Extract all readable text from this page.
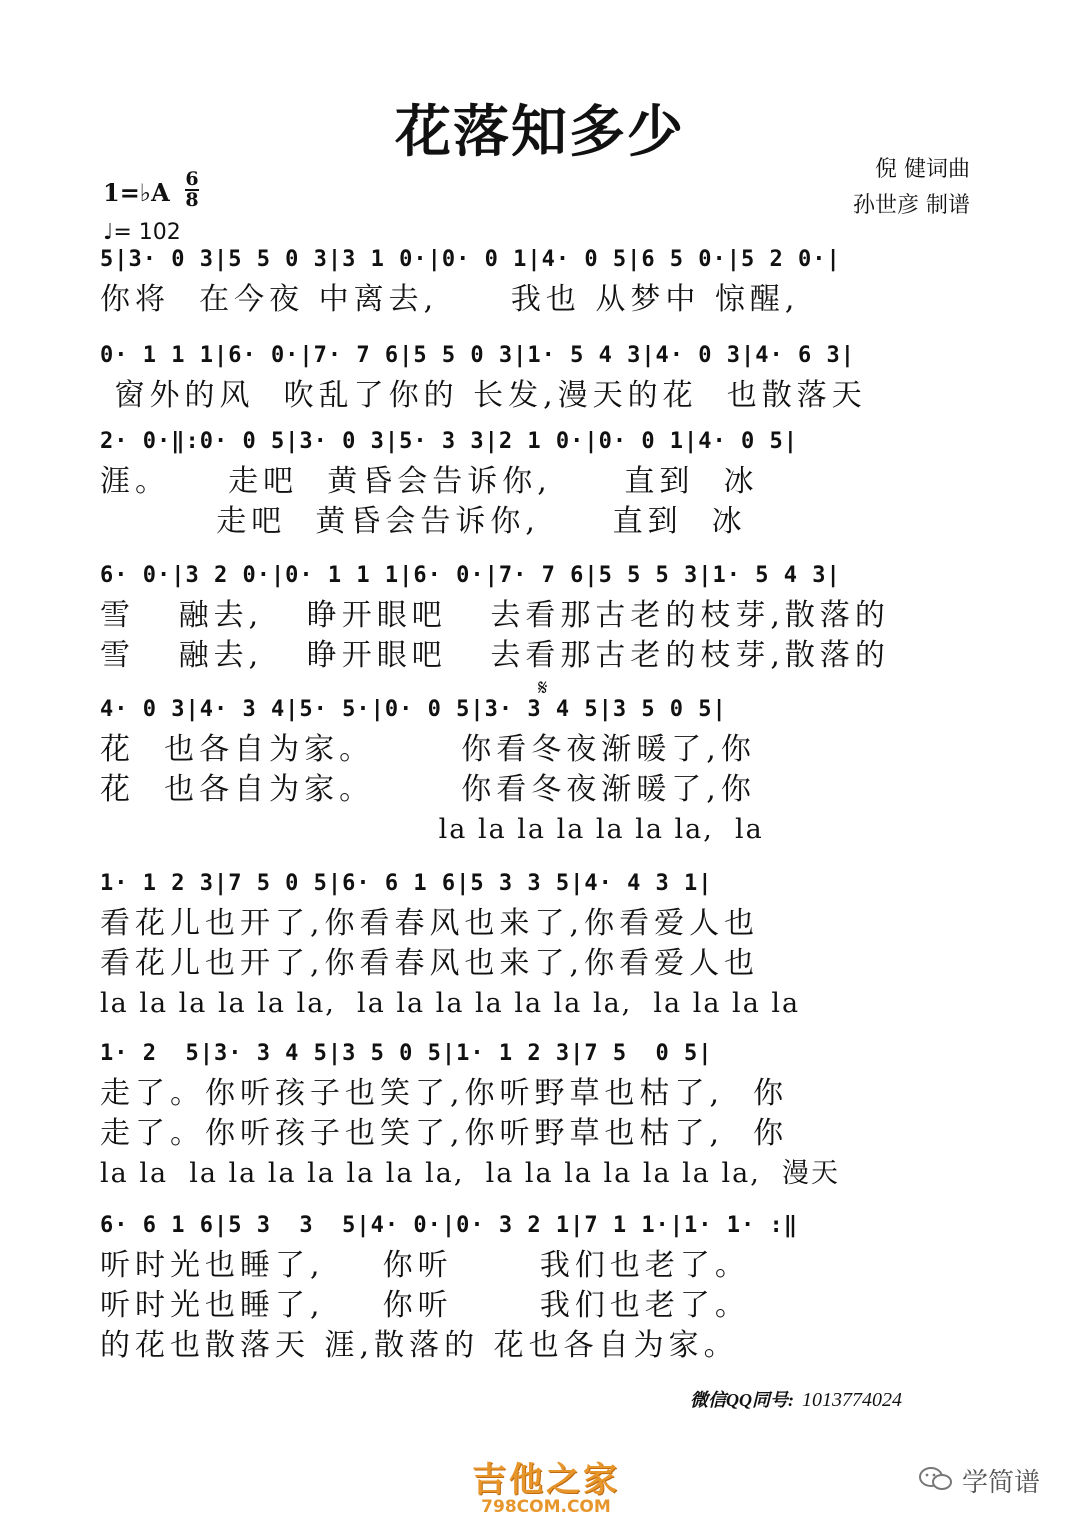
花落知多少
倪 健词曲
孙世彦 制谱
1=♭A 6
8
♩= 102
5|3· 0 3|5 5 0 3|3 1 0·|0· 0 1|4· 0 5|6 5 0·|5 2 0·|
你将  在今夜 中离去,     我也 从梦中 惊醒,
0· 1 1 1|6· 0·|7· 7 6|5 5 0 3|1· 5 4 3|4· 0 3|4· 6 3|
窗外的风  吹乱了你的 长发,漫天的花  也散落天
2· 0·‖:0· 0 5|3· 0 3|5· 3 3|2 1 0·|0· 0 1|4· 0 5|
涯。    走吧  黄昏会告诉你,     直到  冰
走吧  黄昏会告诉你,     直到  冰
6· 0·|3 2 0·|0· 1 1 1|6· 0·|7· 7 6|5 5 5 3|1· 5 4 3|
雪   融去,   睁开眼吧   去看那古老的枝芽,散落的
雪   融去,   睁开眼吧   去看那古老的枝芽,散落的
𝄋
4· 0 3|4· 3 4|5· 5·|0· 0 5|3· 3 4 5|3 5 0 5|
花  也各自为家。      你看冬夜渐暖了,你
花  也各自为家。      你看冬夜渐暖了,你
la la la la la la la,  la
1· 1 2 3|7 5 0 5|6· 6 1 6|5 3 3 5|4· 4 3 1|
看花儿也开了,你看春风也来了,你看爱人也
看花儿也开了,你看春风也来了,你看爱人也
la la la la la la,  la la la la la la la,  la la la la
1· 2  5|3· 3 4 5|3 5 0 5|1· 1 2 3|7 5  0 5|
走了。你听孩子也笑了,你听野草也枯了,  你
走了。你听孩子也笑了,你听野草也枯了,  你
la la  la la la la la la la,  la la la la la la la,  漫天
6· 6 1 6|5 3  3  5|4· 0·|0· 3 2 1|7 1 1·|1· 1· :‖
听时光也睡了,    你听      我们也老了。
听时光也睡了,    你听      我们也老了。
的花也散落天 涯,散落的 花也各自为家。
微信QQ同号: 1013774024
吉他之家
798COM.COM
学简谱
